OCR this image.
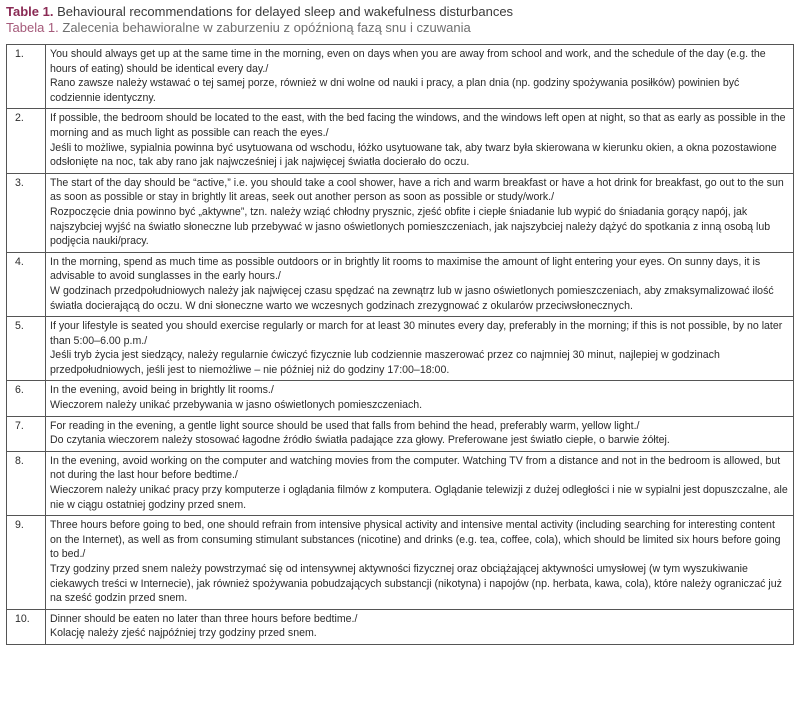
Table 1. Behavioural recommendations for delayed sleep and wakefulness disturbances
Tabela 1. Zalecenia behawioralne w zaburzeniu z opóźnioną fazą snu i czuwania
1.	You should always get up at the same time in the morning, even on days when you are away from school and work, and the schedule of the day (e.g. the hours of eating) should be identical every day./
Rano zawsze należy wstawać o tej samej porze, również w dni wolne od nauki i pracy, a plan dnia (np. godziny spożywania posiłków) powinien być codziennie identyczny.

2.	If possible, the bedroom should be located to the east, with the bed facing the windows, and the windows left open at night, so that as early as possible in the morning and as much light as possible can reach the eyes./
Jeśli to możliwe, sypialnia powinna być usytuowana od wschodu, łóżko usytuowane tak, aby twarz była skierowana w kierunku okien, a okna pozostawione odsłonięte na noc, tak aby rano jak najwcześniej i jak najwięcej światła docierało do oczu.

3.	The start of the day should be “active,” i.e. you should take a cool shower, have a rich and warm breakfast or have a hot drink for breakfast, go out to the sun as soon as possible or stay in brightly lit areas, seek out another person as soon as possible or study/work./
Rozpoczęcie dnia powinno być „aktywne”, tzn. należy wziąć chłodny prysznic, zjeść obfite i ciepłe śniadanie lub wypić do śniadania gorący napój, jak najszybciej wyjść na światło słoneczne lub przebywać w jasno oświetlonych pomieszczeniach, jak najszybciej należy dążyć do spotkania z inną osobą lub podjęcia nauki/pracy.

4.	In the morning, spend as much time as possible outdoors or in brightly lit rooms to maximise the amount of light entering your eyes. On sunny days, it is advisable to avoid sunglasses in the early hours./
W godzinach przedpołudniowych należy jak najwięcej czasu spędzać na zewnątrz lub w jasno oświetlonych pomieszczeniach, aby zmaksymalizować ilość światła docierającą do oczu. W dni słoneczne warto we wczesnych godzinach zrezygnować z okularów przeciwsłonecznych.

5.	If your lifestyle is seated you should exercise regularly or march for at least 30 minutes every day, preferably in the morning; if this is not possible, by no later than 5:00–6.00 p.m./
Jeśli tryb życia jest siedzący, należy regularnie ćwiczyć fizycznie lub codziennie maszerować przez co najmniej 30 minut, najlepiej w godzinach przedpołudniowych, jeśli jest to niemożliwe – nie później niż do godziny 17:00–18:00.

6.	In the evening, avoid being in brightly lit rooms./
Wieczorem należy unikać przebywania w jasno oświetlonych pomieszczeniach.

7.	For reading in the evening, a gentle light source should be used that falls from behind the head, preferably warm, yellow light./
Do czytania wieczorem należy stosować łagodne źródło światła padające zza głowy. Preferowane jest światło ciepłe, o barwie żółtej.

8.	In the evening, avoid working on the computer and watching movies from the computer. Watching TV from a distance and not in the bedroom is allowed, but not during the last hour before bedtime./
Wieczorem należy unikać pracy przy komputerze i oglądania filmów z komputera. Oglądanie telewizji z dużej odległości i nie w sypialni jest dopuszczalne, ale nie w ciągu ostatniej godziny przed snem.

9.	Three hours before going to bed, one should refrain from intensive physical activity and intensive mental activity (including searching for interesting content on the Internet), as well as from consuming stimulant substances (nicotine) and drinks (e.g. tea, coffee, cola), which should be limited six hours before going to bed./
Trzy godziny przed snem należy powstrzymać się od intensywnej aktywności fizycznej oraz obciążającej aktywności umysłowej (w tym wyszukiwanie ciekawych treści w Internecie), jak również spożywania pobudzających substancji (nikotyna) i napojów (np. herbata, kawa, cola), które należy ograniczać już na sześć godzin przed snem.

10.	Dinner should be eaten no later than three hours before bedtime./
Kolację należy zjeść najpóźniej trzy godziny przed snem.
